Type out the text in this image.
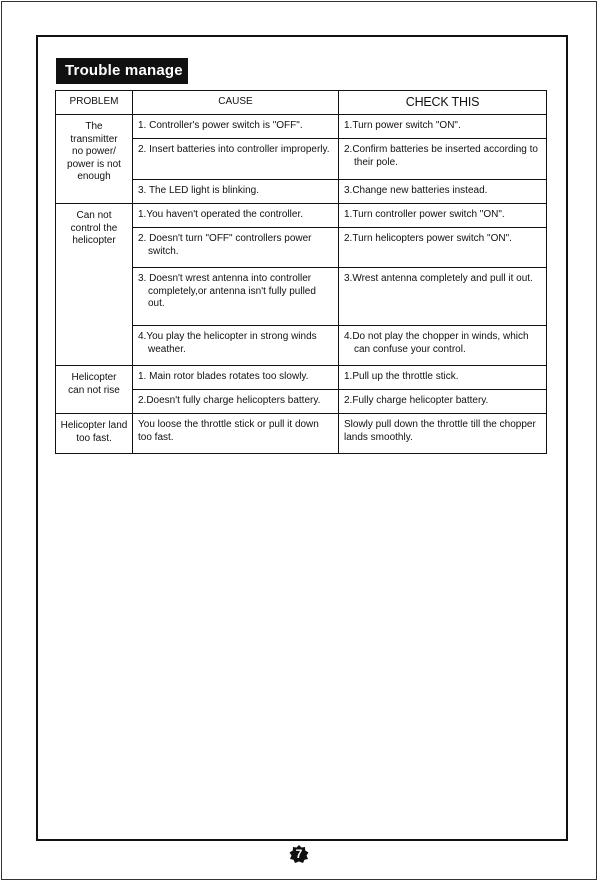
Trouble manage
PROBLEM	CAUSE	CHECK THIS

The transmitter no power/ power is not enough	1. Controller's power switch is "OFF".	1.Turn power switch "ON".

	2. Insert batteries into controller improperly.	2.Confirm batteries be inserted according to their pole.

	3. The LED light is blinking.	3.Change new batteries instead.

Can not control the helicopter	1.You haven't operated the controller.	1.Turn controller power switch "ON".

	2. Doesn't turn "OFF" controllers power switch.	2.Turn helicopters power switch "ON".

	3. Doesn't wrest antenna into controller completely,or antenna isn't fully pulled out.	3.Wrest antenna completely and pull it out.

	4.You play the helicopter in strong winds weather.	4.Do not play the chopper in winds, which can confuse your control.

Helicopter can not rise	1. Main rotor blades rotates too slowly.	1.Pull up the throttle stick.
	2.Doesn't fully charge helicopters battery.	2.Fully charge helicopter battery.

Helicopter land too fast.	You loose the throttle stick or pull it down too fast.	Slowly pull down the throttle till the chopper lands smoothly.
7
